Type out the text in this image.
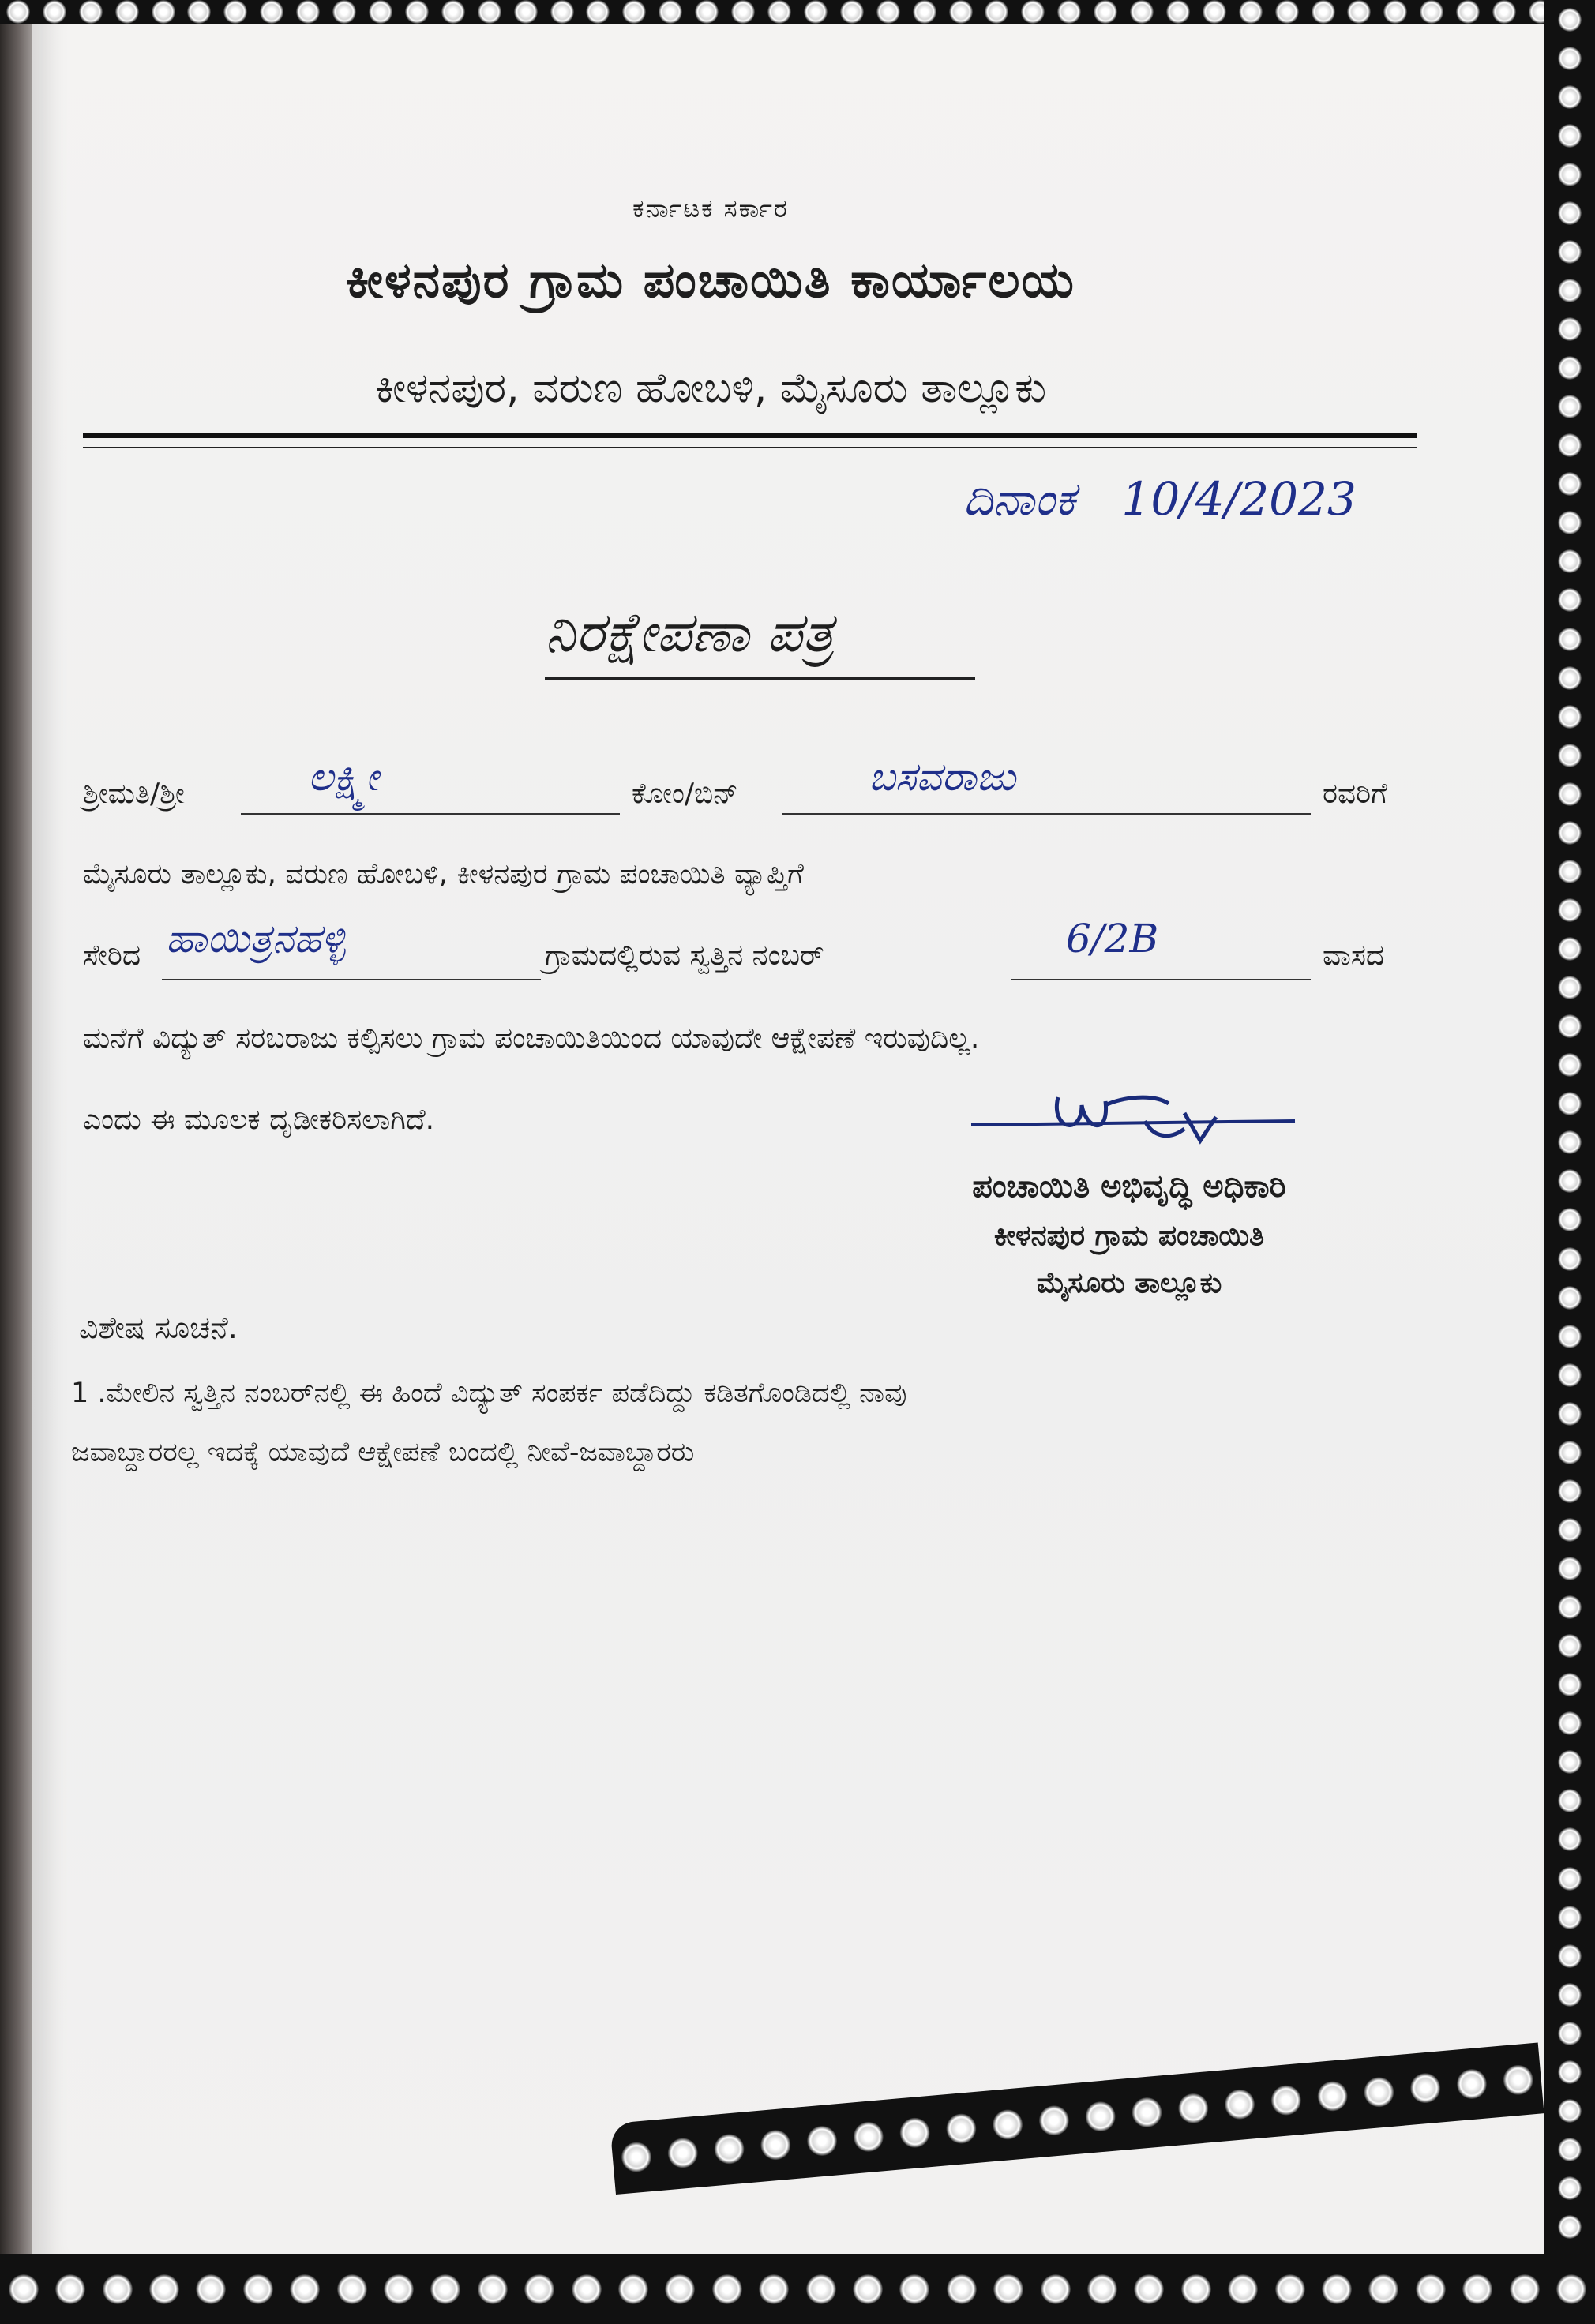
ಕರ್ನಾಟಕ ಸರ್ಕಾರ
ಕೀಳನಪುರ ಗ್ರಾಮ ಪಂಚಾಯಿತಿ ಕಾರ್ಯಾಲಯ
ಕೀಳನಪುರ, ವರುಣ ಹೋಬಳಿ, ಮೈಸೂರು ತಾಲ್ಲೂಕು
ದಿನಾಂಕ 10/4/2023
ನಿರಕ್ಷೇಪಣಾ ಪತ್ರ
ಶ್ರೀಮತಿ/ಶ್ರೀ	ಲಕ್ಷ್ಮೀ	ಕೋಂ/ಬಿನ್	ಬಸವರಾಜು	ರವರಿಗೆ
ಮೈಸೂರು ತಾಲ್ಲೂಕು, ವರುಣ ಹೋಬಳಿ, ಕೀಳನಪುರ ಗ್ರಾಮ ಪಂಚಾಯಿತಿ ವ್ಯಾಪ್ತಿಗೆ
ಸೇರಿದ ಹಾಯಿತ್ರನಹಳ್ಳಿ	ಗ್ರಾಮದಲ್ಲಿರುವ ಸ್ವತ್ತಿನ ನಂಬರ್	6/2B	ವಾಸದ
ಮನೆಗೆ ವಿದ್ಯುತ್ ಸರಬರಾಜು ಕಲ್ಪಿಸಲು ಗ್ರಾಮ ಪಂಚಾಯಿತಿಯಿಂದ ಯಾವುದೇ ಆಕ್ಷೇಪಣೆ ಇರುವುದಿಲ್ಲ.
ಎಂದು ಈ ಮೂಲಕ ದೃಡೀಕರಿಸಲಾಗಿದೆ.
ಪಂಚಾಯಿತಿ ಅಭಿವೃದ್ಧಿ ಅಧಿಕಾರಿ
ಕೀಳನಪುರ ಗ್ರಾಮ ಪಂಚಾಯಿತಿ
ಮೈಸೂರು ತಾಲ್ಲೂಕು
ವಿಶೇಷ ಸೂಚನೆ.
1 .ಮೇಲಿನ ಸ್ವತ್ತಿನ ನಂಬರ್‌ನಲ್ಲಿ ಈ ಹಿಂದೆ ವಿದ್ಯುತ್ ಸಂಪರ್ಕ ಪಡೆದಿದ್ದು ಕಡಿತಗೊಂಡಿದಲ್ಲಿ ನಾವು
ಜವಾಬ್ದಾರರಲ್ಲ ಇದಕ್ಕೆ ಯಾವುದೆ ಆಕ್ಷೇಪಣೆ ಬಂದಲ್ಲಿ ನೀವೆ-ಜವಾಬ್ದಾರರು
